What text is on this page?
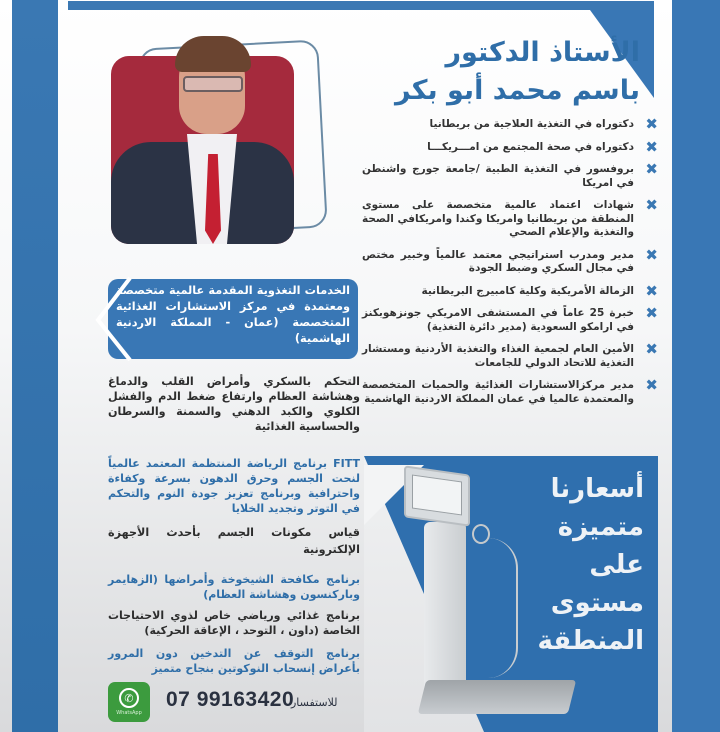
الأستاذ الدكتور
باسم محمد أبو بكر
✖
دكتوراه في التغذية العلاجية من بريطانيا
✖
دكتوراه في صحة المجتمع من امـــريكـــا
✖
بروفسور في التغذية الطبية /جامعة جورج واشنطن في امريكا
✖
شهادات اعتماد عالمية متخصصة على مستوى المنطقة من بريطانيا وامريكا وكندا وامريكافي الصحة والتغذية والإعلام الصحي
✖
مدير ومدرب استراتيجي معتمد عالمياً وخبير مختص في مجال السكري وضبط الجودة
✖
الزمالة الأمريكية وكلية كامبيرج البريطانية
✖
خبرة 25 عاماً في المستشفى الامريكي جونزهوبكنز في ارامكو السعودية (مدير دائرة التغذية)
✖
الأمين العام لجمعية الغذاء والتغذية الأردنية ومستشار التغذية للاتحاد الدولي للجامعات
✖
مدير مركزالاستشارات الغذائية والحميات المتخصصة والمعتمدة عالميا في عمان المملكة الاردنية الهاشمية
الخدمات التغذوية المقدمة عالمية متخصصة ومعتمدة في مركز الاستشارات الغذائية المتخصصة (عمان - المملكة الاردنية الهاشمية)
التحكم بالسكري وأمراض القلب والدماغ وهشاشة العظام وارتفاع ضغط الدم والفشل الكلوي والكبد الدهني والسمنة والسرطان والحساسية الغذائية
FITT برنامج الرياضة المنتظمة المعتمد عالمياً لنحت الجسم وحرق الدهون بسرعة وكفاءة واحترافية وبرنامج تعزيز جودة النوم والتحكم في التوتر وتجديد الخلايا
قياس مكونات الجسم بأحدث الأجهزة الإلكترونية
برنامج مكافحة الشيخوخة وأمراضها (الزهايمر وباركنسون وهشاشة العظام)
برنامج غذائي ورياضي خاص لذوي الاحتياجات الخاصة (داون ، التوحد ، الإعاقة الحركية)
برنامج التوقف عن التدخين دون المرور بأعراض إنسحاب النوكوتين بنجاح متميز
✆
WhatsApp
07 99163420
للاستفسار
أسعارنا
متميزة
على
مستوى
المنطقة
